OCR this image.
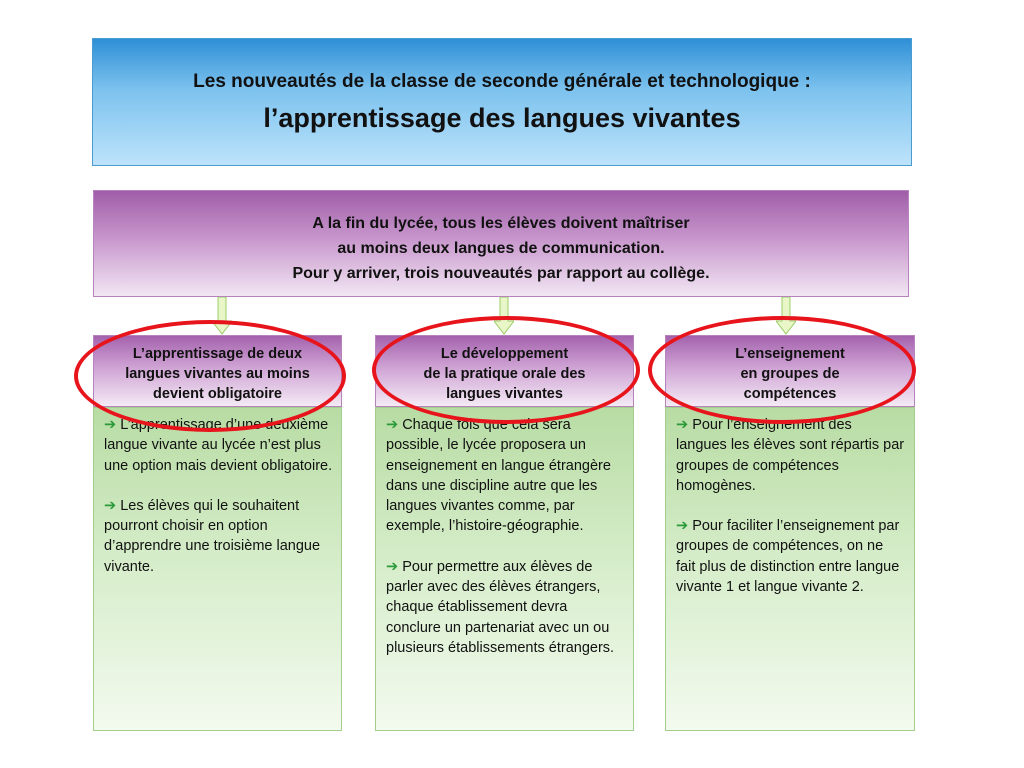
Les nouveautés de la classe de seconde générale et technologique :
l’apprentissage des langues vivantes
A la fin du lycée, tous les élèves doivent maîtriser
au moins deux langues de communication.
Pour y arriver, trois nouveautés par rapport au collège.
L’apprentissage de deux
langues vivantes au moins
devient obligatoire

➔ L’apprentissage d’une deuxième langue vivante au lycée n’est plus une option mais devient obligatoire.

➔ Les élèves qui le souhaitent pourront choisir en option d’apprendre une troisième langue vivante.

Le développement
de la pratique orale des
langues vivantes

➔ Chaque fois que cela sera possible, le lycée proposera un enseignement en langue étrangère dans une discipline autre que les langues vivantes comme, par exemple, l’histoire-géographie.

➔ Pour permettre aux élèves de parler avec des élèves étrangers, chaque établissement devra conclure un partenariat avec un ou plusieurs établissements étrangers.

L’enseignement
en groupes de
compétences

➔ Pour l’enseignement des langues les élèves sont répartis par groupes de compétences homogènes.

➔ Pour faciliter l’enseignement par groupes de compétences, on ne fait plus de distinction entre langue vivante 1 et langue vivante 2.
